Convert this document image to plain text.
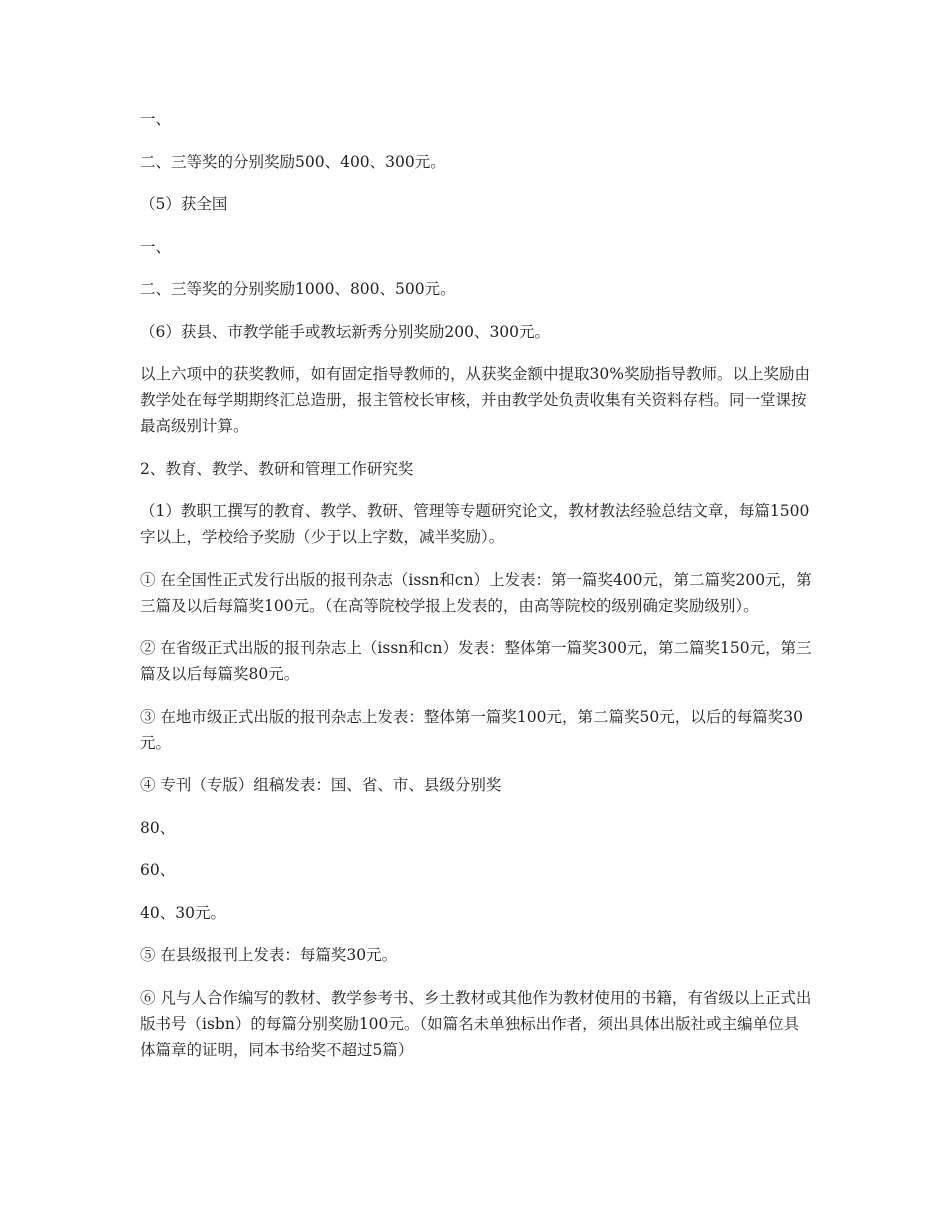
一、

二、三等奖的分别奖励500、400、300元。

（5）获全国

一、

二、三等奖的分别奖励1000、800、500元。

（6）获县、市教学能手或教坛新秀分别奖励200、300元。

以上六项中的获奖教师，如有固定指导教师的，从获奖金额中提取30%奖励指导教师。以上奖励由教学处在每学期期终汇总造册，报主管校长审核，并由教学处负责收集有关资料存档。同一堂课按最高级别计算。

2、教育、教学、教研和管理工作研究奖

（1）教职工撰写的教育、教学、教研、管理等专题研究论文，教材教法经验总结文章，每篇1500字以上，学校给予奖励（少于以上字数，减半奖励）。

① 在全国性正式发行出版的报刊杂志（issn和cn）上发表：第一篇奖400元，第二篇奖200元，第三篇及以后每篇奖100元。（在高等院校学报上发表的，由高等院校的级别确定奖励级别）。

② 在省级正式出版的报刊杂志上（issn和cn）发表：整体第一篇奖300元，第二篇奖150元，第三篇及以后每篇奖80元。

③ 在地市级正式出版的报刊杂志上发表：整体第一篇奖100元，第二篇奖50元，以后的每篇奖30元。

④ 专刊（专版）组稿发表：国、省、市、县级分别奖

80、

60、

40、30元。

⑤ 在县级报刊上发表：每篇奖30元。

⑥ 凡与人合作编写的教材、教学参考书、乡土教材或其他作为教材使用的书籍，有省级以上正式出版书号（isbn）的每篇分别奖励100元。（如篇名未单独标出作者，须出具体出版社或主编单位具体篇章的证明，同本书给奖不超过5篇）
